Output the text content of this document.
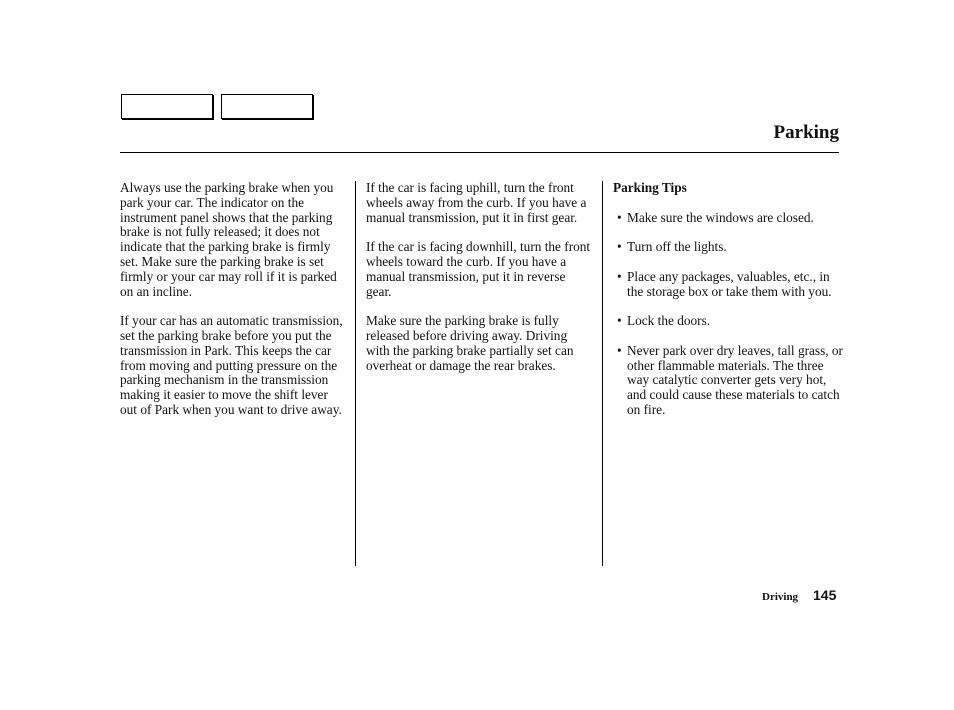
Parking

Always use the parking brake when you park your car. The indicator on the instrument panel shows that the parking brake is not fully released; it does not indicate that the parking brake is firmly set. Make sure the parking brake is set firmly or your car may roll if it is parked on an incline.

If your car has an automatic transmission, set the parking brake before you put the transmission in Park. This keeps the car from moving and putting pressure on the parking mechanism in the transmission      making it easier to move the shift lever out of Park when you want to drive away.

If the car is facing uphill, turn the front wheels away from the curb. If you have a manual transmission, put it in first gear.

If the car is facing downhill, turn the front wheels toward the curb. If you have a manual transmission, put it in reverse gear.

Make sure the parking brake is fully released before driving away. Driving with the parking brake partially set can overheat or damage the rear brakes.

Parking Tips

• Make sure the windows are closed.
• Turn off the lights.
• Place any packages, valuables, etc., in the storage box or take them with you.
• Lock the doors.
• Never park over dry leaves, tall grass, or other flammable materials. The three way catalytic converter gets very hot, and could cause these materials to catch on fire.
Driving 145
